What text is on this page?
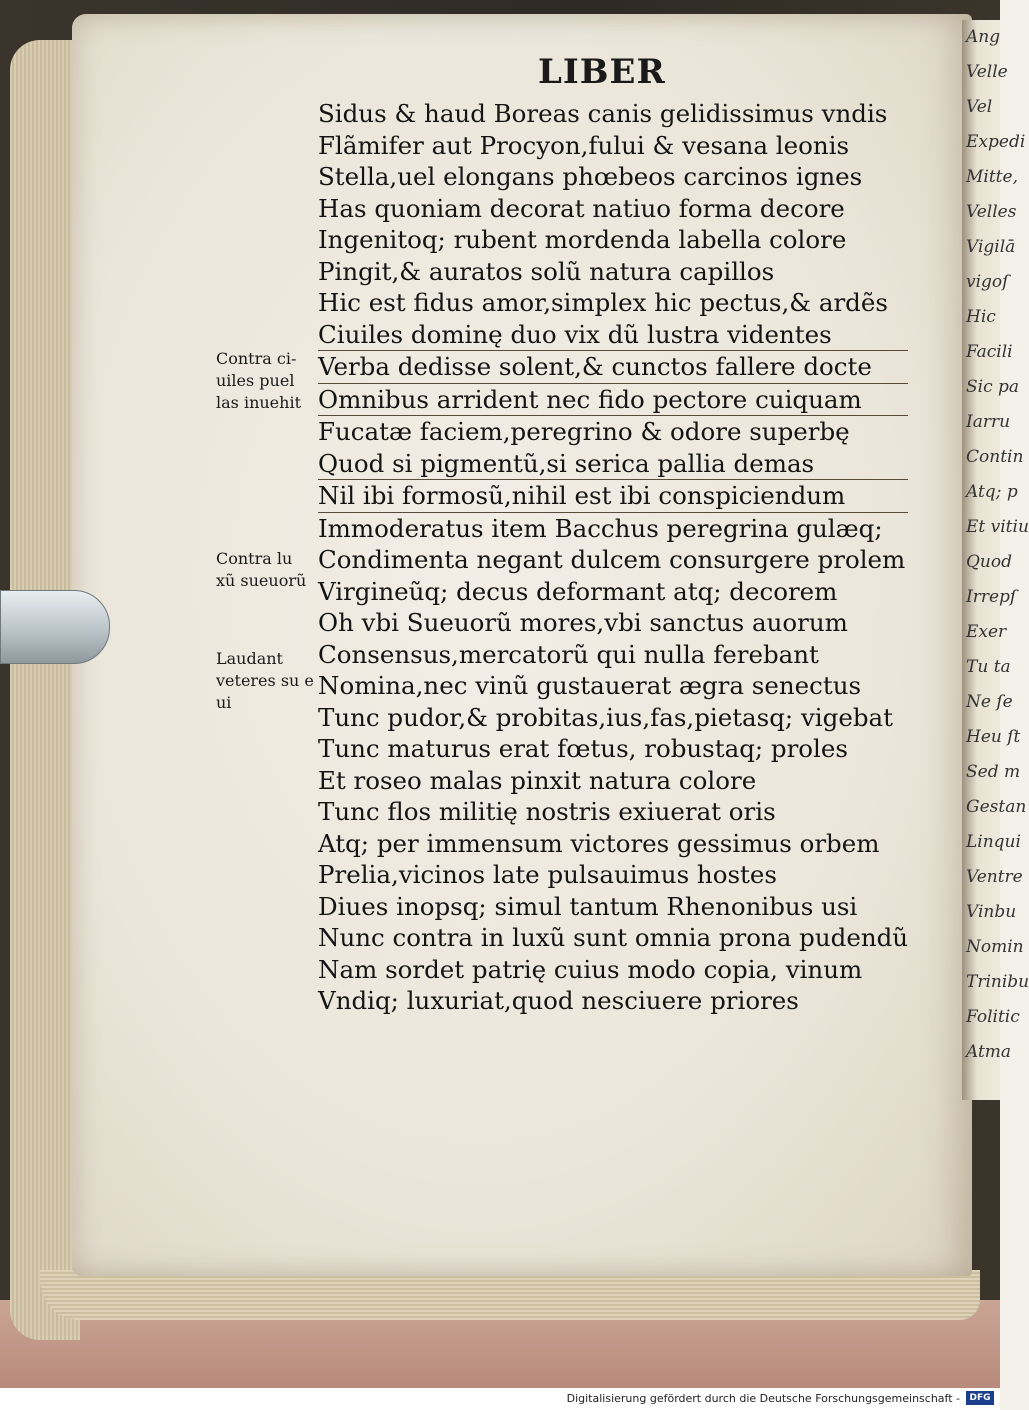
Ang
Velle
Vel
Expedi
Mitte,
Velles
Vigilā
vigoſ
Hic
Facili
Sic pa
Iarru
Contin
Atq; p
Et vitiu
Quod
Irrepſ
Exer
Tu ta
Ne ſe
Heu ſt
Sed m
Gestan
Linqui
Ventre
Vinbu
Nomin
Trinibu
Folitic
Atma
LIBER
Sidus & haud Boreas canis gelidissimus vndis
Flãmifer aut Procyon,fului & vesana leonis
Stella,uel elongans phœbeos carcinos ignes
Has quoniam decorat natiuo forma decore
Ingenitoq; rubent mordenda labella colore
Pingit,& auratos solũ natura capillos
Hic est fidus amor,simplex hic pectus,& ardẽs
Ciuiles dominę duo vix dũ lustra videntes
Verba dedisse solent,& cunctos fallere docte
Omnibus arrident nec fido pectore cuiquam
Fucatæ faciem,peregrino & odore superbę
Quod si pigmentũ,si serica pallia demas
Nil ibi formosũ,nihil est ibi conspiciendum
Immoderatus item Bacchus peregrina gulæq;
Condimenta negant dulcem consurgere prolem
Virgineũq; decus deformant atq; decorem
Oh vbi Sueuorũ mores,vbi sanctus auorum
Consensus,mercatorũ qui nulla ferebant
Nomina,nec vinũ gustauerat ægra senectus
Tunc pudor,& probitas,ius,fas,pietasq; vigebat
Tunc maturus erat fœtus, robustaq; proles
Et roseo malas pinxit natura colore
Tunc flos militię nostris exiuerat oris
Atq; per immensum victores gessimus orbem
Prelia,vicinos late pulsauimus hostes
Diues inopsq; simul tantum Rhenonibus usi
Nunc contra in luxũ sunt omnia prona pudendũ
Nam sordet patrię cuius modo copia, vinum
Vndiq; luxuriat,quod nesciuere priores
Contra ci-
uiles puel
las inuehit
Contra lu
xũ sueuorũ
Laudant
veteres su e
ui
Digitalisierung gefördert durch die Deutsche Forschungsgemeinschaft -	DFG
